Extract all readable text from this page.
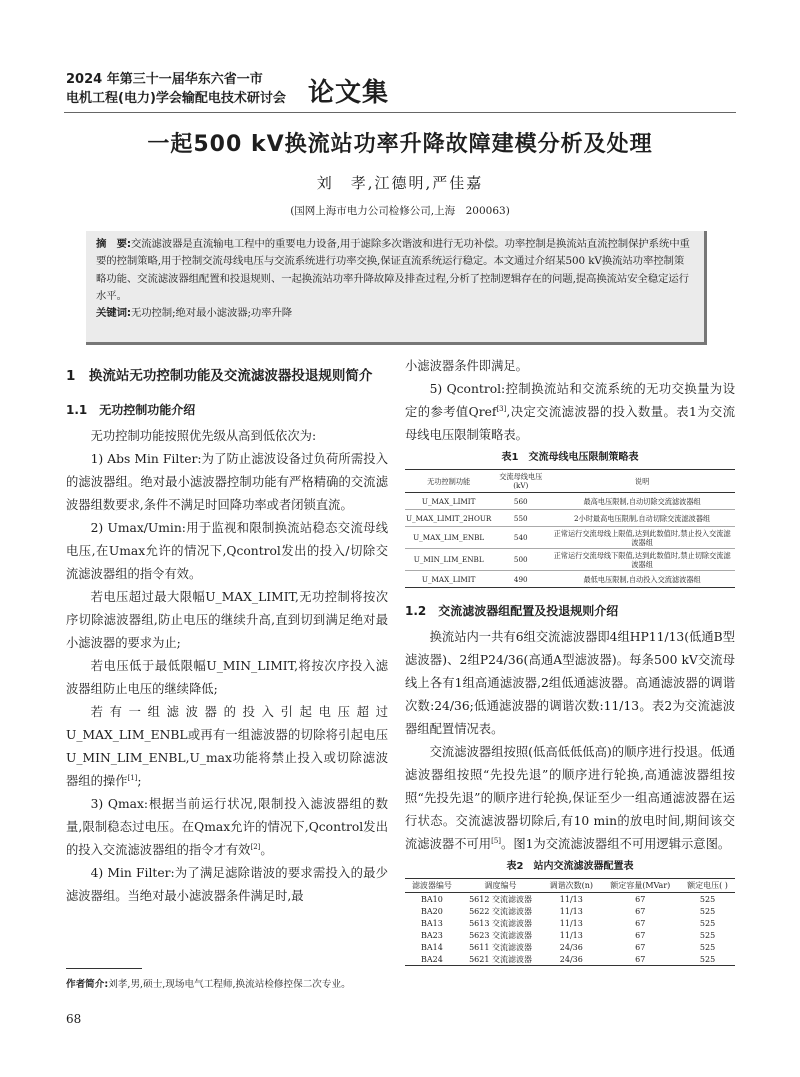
2024 年第三十一届华东六省一市
电机工程(电力)学会输配电技术研讨会 论文集
一起500 kV换流站功率升降故障建模分析及处理
刘　孝,江德明,严佳嘉
(国网上海市电力公司检修公司,上海　200063)

摘　要:交流滤波器是直流输电工程中的重要电力设备,用于滤除多次谐波和进行无功补偿。功率控制是换流站直流控制保护系统中重要的控制策略,用于控制交流母线电压与交流系统进行功率交换,保证直流系统运行稳定。本文通过介绍某500 kV换流站功率控制策略功能、交流滤波器组配置和投退规则、一起换流站功率升降故障及排查过程,分析了控制逻辑存在的问题,提高换流站安全稳定运行水平。

关键词:无功控制;绝对最小滤波器;功率升降

1　换流站无功控制功能及交流滤波器投退规则简介
1.1　无功控制功能介绍

无功控制功能按照优先级从高到低依次为:

1) Abs Min Filter:为了防止滤波设备过负荷所需投入的滤波器组。绝对最小滤波器控制功能有严格精确的交流滤波器组数要求,条件不满足时回降功率或者闭锁直流。

2) Umax/Umin:用于监视和限制换流站稳态交流母线电压,在Umax允许的情况下,Qcontrol发出的投入/切除交流滤波器组的指令有效。

若电压超过最大限幅U_MAX_LIMIT,无功控制将按次序切除滤波器组,防止电压的继续升高,直到切到满足绝对最小滤波器的要求为止;

若电压低于最低限幅U_MIN_LIMIT,将按次序投入滤波器组防止电压的继续降低;

若有一组滤波器的投入引起电压超过U_MAX_LIM_ENBL或再有一组滤波器的切除将引起电压U_MIN_LIM_ENBL,U_max功能将禁止投入或切除滤波器组的操作[1];

3) Qmax:根据当前运行状况,限制投入滤波器组的数量,限制稳态过电压。在Qmax允许的情况下,Qcontrol发出的投入交流滤波器组的指令才有效[2]。

4) Min Filter:为了满足滤除谐波的要求需投入的最少滤波器组。当绝对最小滤波器条件满足时,最

小滤波器条件即满足。

5) Qcontrol:控制换流站和交流系统的无功交换量为设定的参考值Qref[3],决定交流滤波器的投入数量。表1为交流母线电压限制策略表。

表1　交流母线电压限制策略表
无功控制功能	交流母线电压(kV)	说明
U_MAX_LIMIT	560	最高电压限制,自动切除交流滤波器组
U_MAX_LIMIT_2HOUR	550	2小时最高电压限制,自动切除交流滤波器组
U_MAX_LIM_ENBL	540	正常运行交流母线上限值,达到此数值时,禁止投入交流滤波器组
U_MIN_LIM_ENBL	500	正常运行交流母线下限值,达到此数值时,禁止切除交流滤波器组
U_MAX_LIMIT	490	最低电压限制,自动投入交流滤波器组
1.2　交流滤波器组配置及投退规则介绍

换流站内一共有6组交流滤波器即4组HP11/13(低通B型滤波器)、2组P24/36(高通A型滤波器)。每条500 kV交流母线上各有1组高通滤波器,2组低通滤波器。高通滤波器的调谐次数:24/36;低通滤波器的调谐次数:11/13。表2为交流滤波器组配置情况表。

交流滤波器组按照(低高低低低高)的顺序进行投退。低通滤波器组按照“先投先退”的顺序进行轮换,高通滤波器组按照“先投先退”的顺序进行轮换,保证至少一组高通滤波器在运行状态。交流滤波器切除后,有10 min的放电时间,期间该交流滤波器不可用[5]。图1为交流滤波器组不可用逻辑示意图。

表2　站内交流滤波器配置表
滤波器编号	调度编号	调谐次数(n)	额定容量(MVar)	额定电压( )
BA10	5612 交流滤波器	11/13	67	525
BA20	5622 交流滤波器	11/13	67	525
BA13	5613 交流滤波器	11/13	67	525
BA23	5623 交流滤波器	11/13	67	525
BA14	5611 交流滤波器	24/36	67	525
BA24	5621 交流滤波器	24/36	67	525
作者简介:刘孝,男,硕士,现场电气工程师,换流站检修控保二次专业。
68
